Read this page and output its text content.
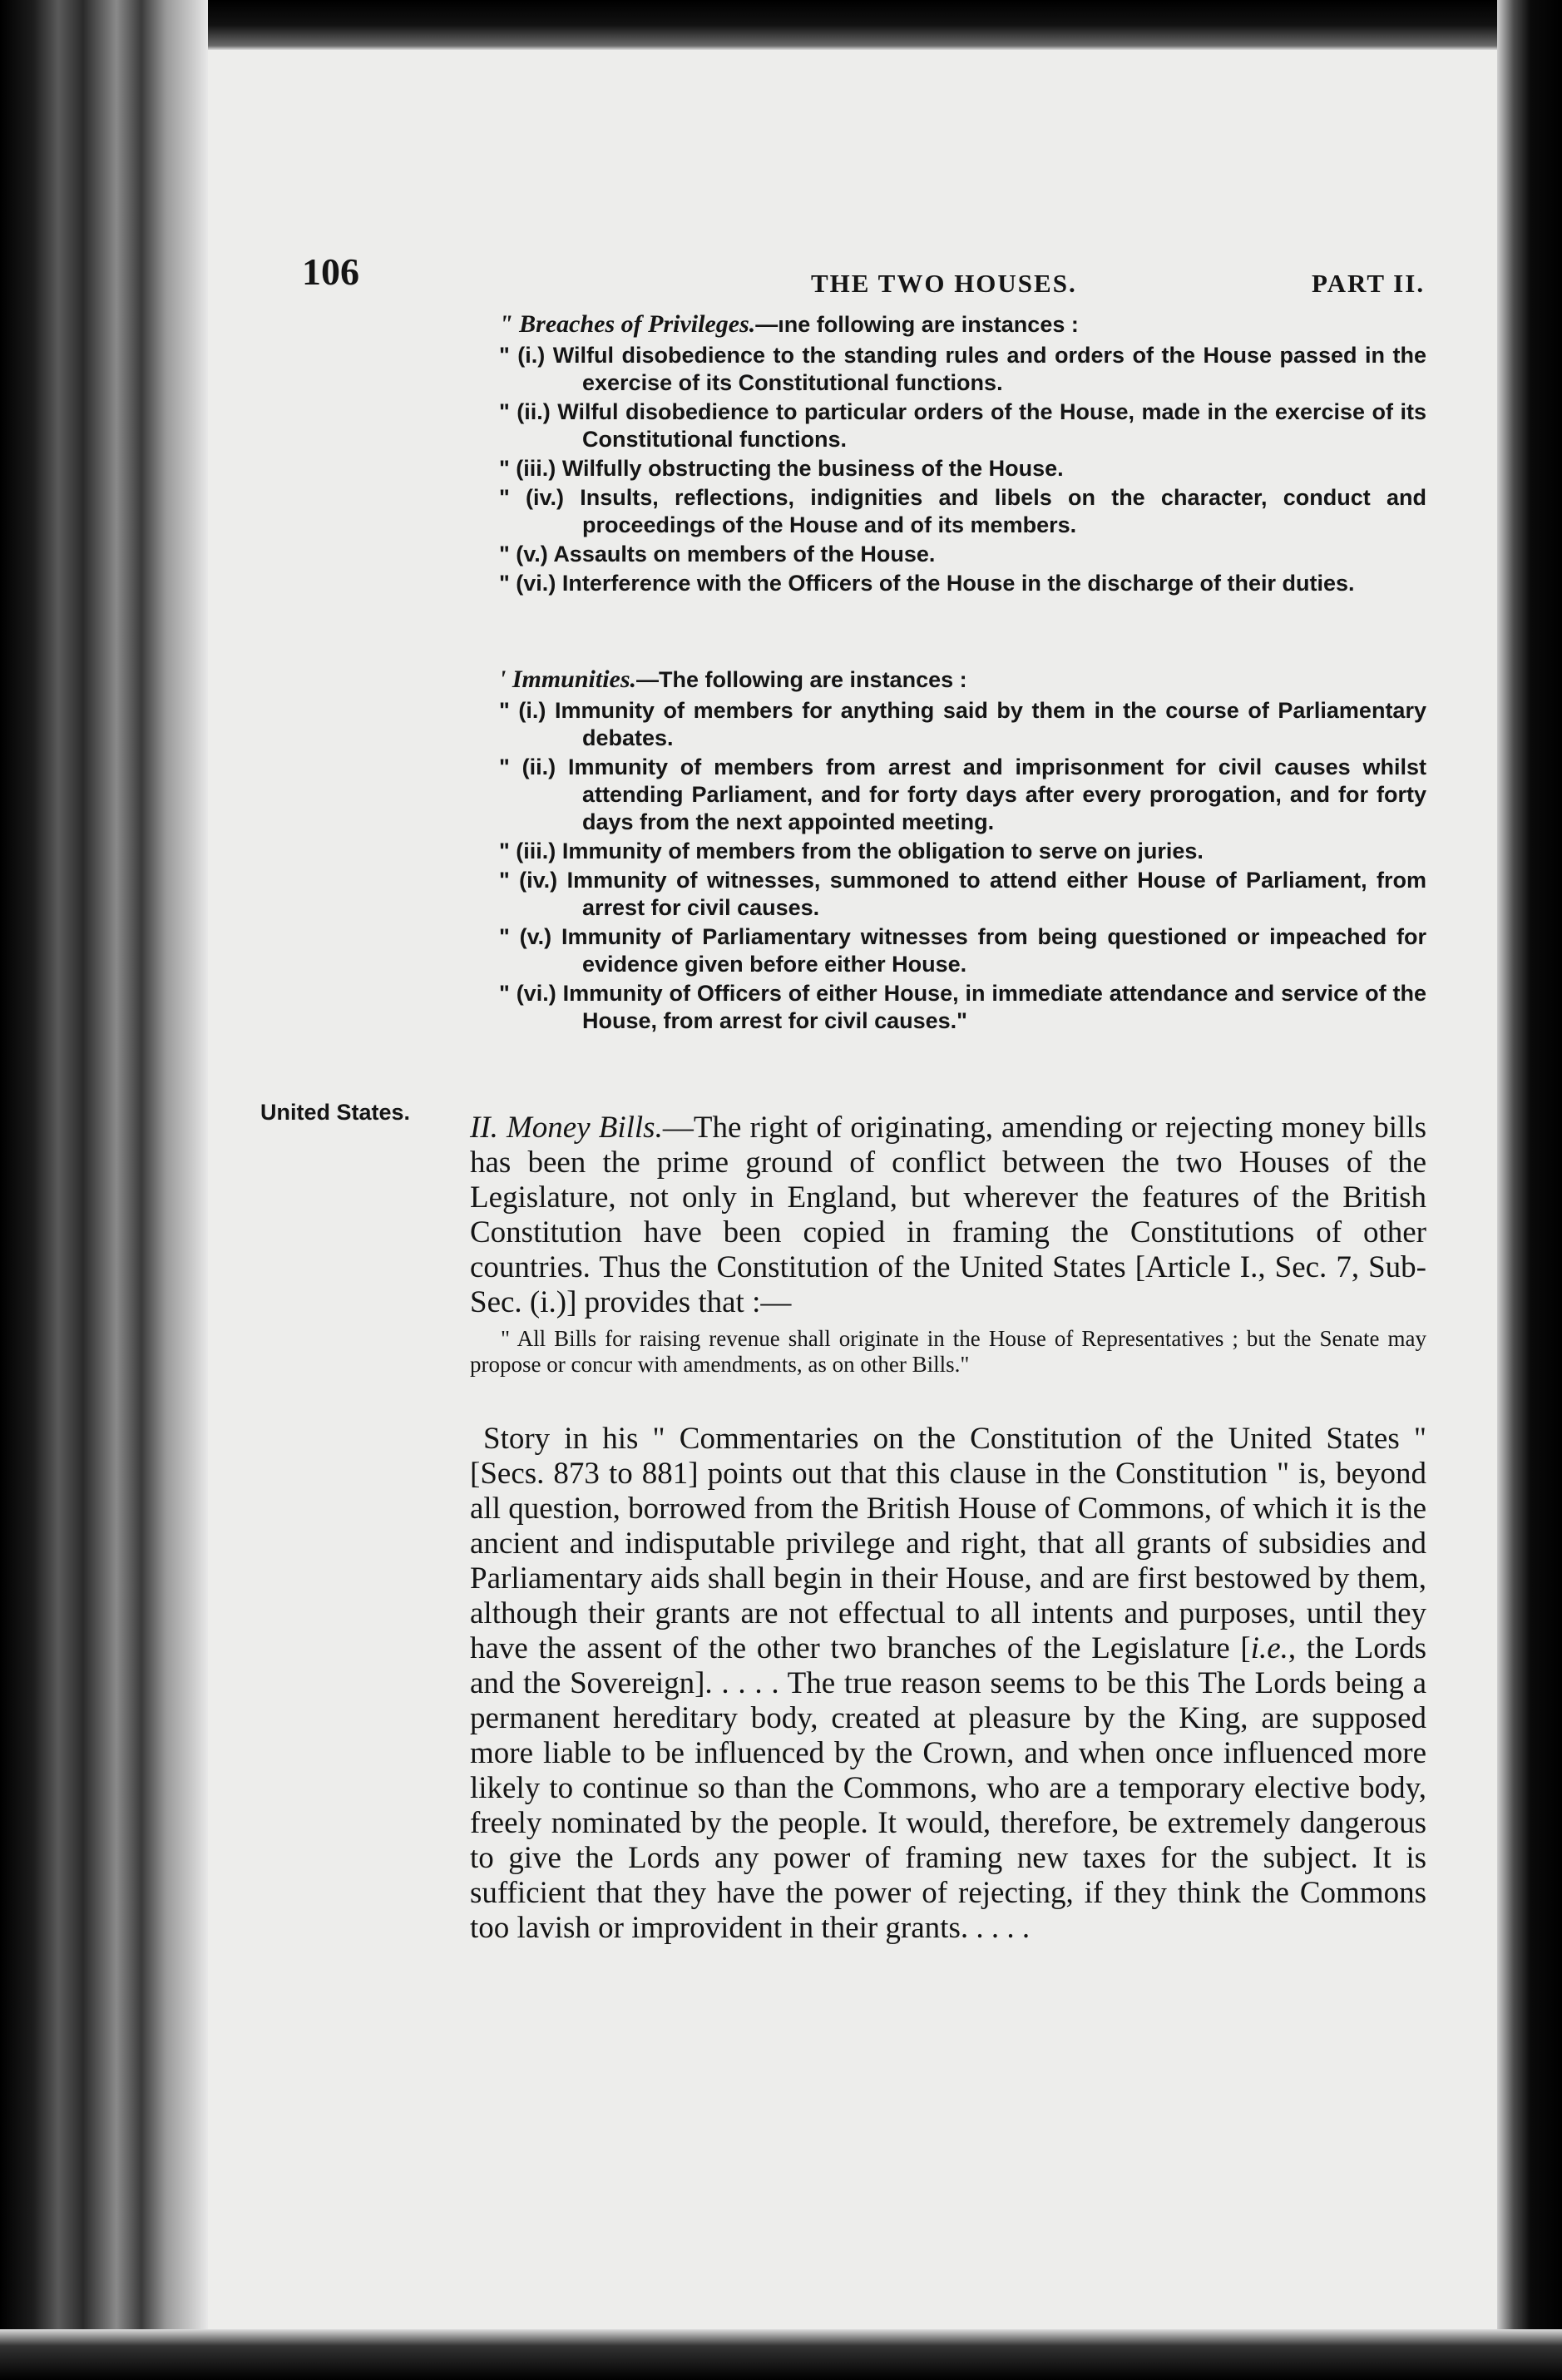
106	THE TWO HOUSES.	PART II.

" Breaches of Privileges.—ıne following are instances :

" (i.) Wilful disobedience to the standing rules and orders of the House passed in the exercise of its Constitutional functions.

" (ii.) Wilful disobedience to particular orders of the House, made in the exercise of its Constitutional functions.

" (iii.) Wilfully obstructing the business of the House.

" (iv.) Insults, reflections, indignities and libels on the character, conduct and proceedings of the House and of its members.

" (v.) Assaults on members of the House.

" (vi.) Interference with the Officers of the House in the discharge of their duties.

' Immunities.—The following are instances :

" (i.) Immunity of members for anything said by them in the course of Parliamentary debates.

" (ii.) Immunity of members from arrest and imprisonment for civil causes whilst attending Parliament, and for forty days after every prorogation, and for forty days from the next appointed meeting.

" (iii.) Immunity of members from the obligation to serve on juries.

" (iv.) Immunity of witnesses, summoned to attend either House of Parliament, from arrest for civil causes.

" (v.) Immunity of Parliamentary witnesses from being questioned or impeached for evidence given before either House.

" (vi.) Immunity of Officers of either House, in immediate attendance and service of the House, from arrest for civil causes."

United States. II. Money Bills.—The right of originating, amending or rejecting money bills has been the prime ground of conflict between the two Houses of the Legislature, not only in England, but wherever the features of the British Constitution have been copied in framing the Constitutions of other countries. Thus the Constitution of the United States [Article I., Sec. 7, Sub-Sec. (i.)] provides that :—

" All Bills for raising revenue shall originate in the House of Representatives ; but the Senate may propose or concur with amendments, as on other Bills."

Story in his " Commentaries on the Constitution of the United States " [Secs. 873 to 881] points out that this clause in the Constitution " is, beyond all question, borrowed from the British House of Commons, of which it is the ancient and indisputable privilege and right, that all grants of subsidies and Parliamentary aids shall begin in their House, and are first bestowed by them, although their grants are not effectual to all intents and purposes, until they have the assent of the other two branches of the Legislature [i.e., the Lords and the Sovereign]. . . . . The true reason seems to be this The Lords being a permanent hereditary body, created at pleasure by the King, are supposed more liable to be influenced by the Crown, and when once influenced more likely to continue so than the Commons, who are a temporary elective body, freely nominated by the people. It would, therefore, be extremely dangerous to give the Lords any power of framing new taxes for the subject. It is sufficient that they have the power of rejecting, if they think the Commons too lavish or improvident in their grants. . . . .
